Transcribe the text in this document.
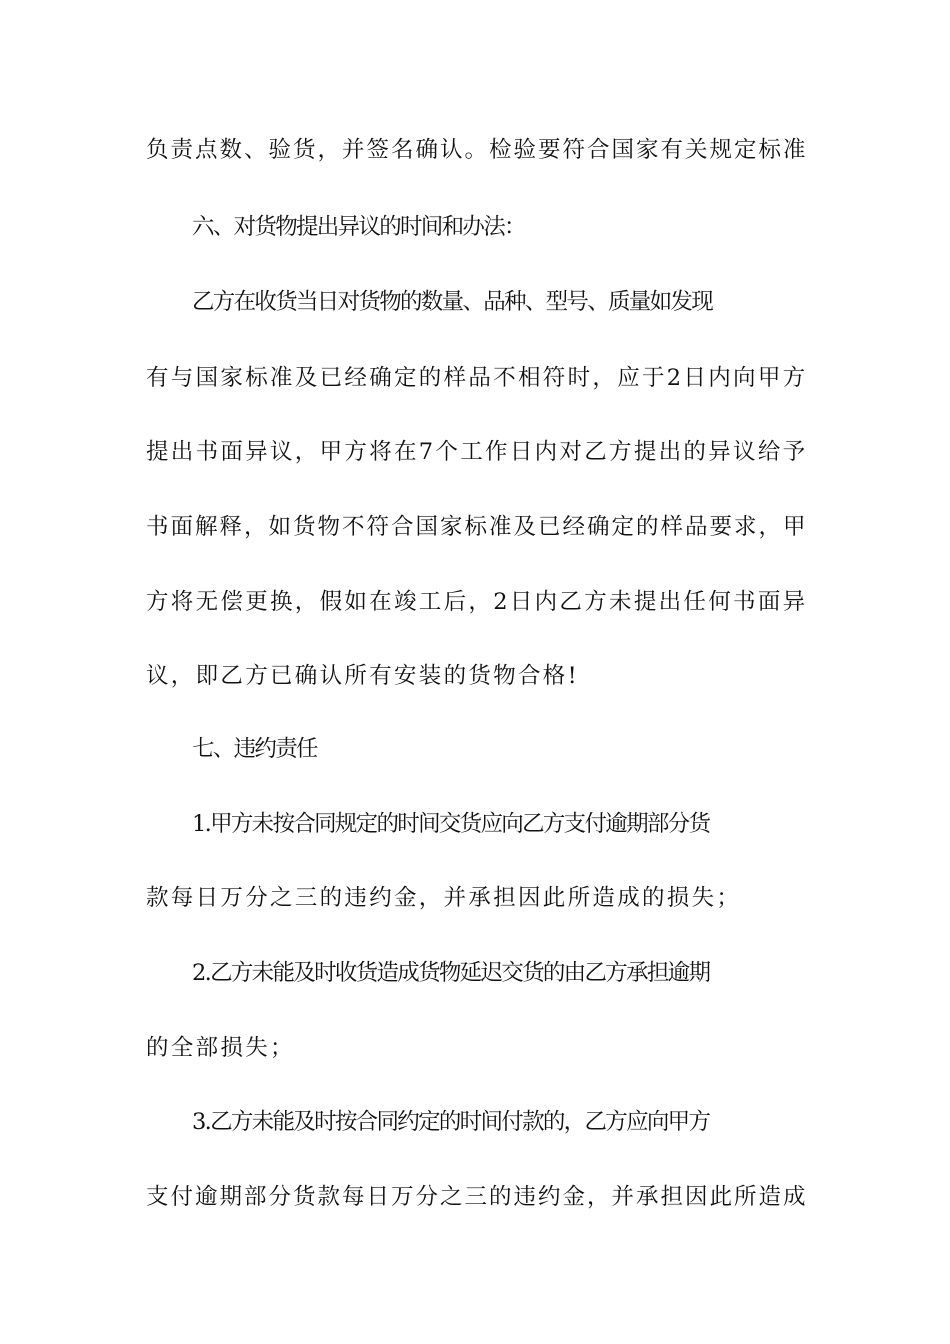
负责点数、验货，并签名确认。检验要符合国家有关规定标准
六、对货物提出异议的时间和办法：
乙方在收货当日对货物的数量、品种、型号、质量如发现
有与国家标准及已经确定的样品不相符时，应于2日内向甲方
提出书面异议，甲方将在7个工作日内对乙方提出的异议给予
书面解释，如货物不符合国家标准及已经确定的样品要求，甲
方将无偿更换，假如在竣工后，2日内乙方未提出任何书面异
议，即乙方已确认所有安装的货物合格!
七、违约责任
1.甲方未按合同规定的时间交货应向乙方支付逾期部分货
款每日万分之三的违约金，并承担因此所造成的损失；
2.乙方未能及时收货造成货物延迟交货的由乙方承担逾期
的全部损失；
3.乙方未能及时按合同约定的时间付款的，乙方应向甲方
支付逾期部分货款每日万分之三的违约金，并承担因此所造成
